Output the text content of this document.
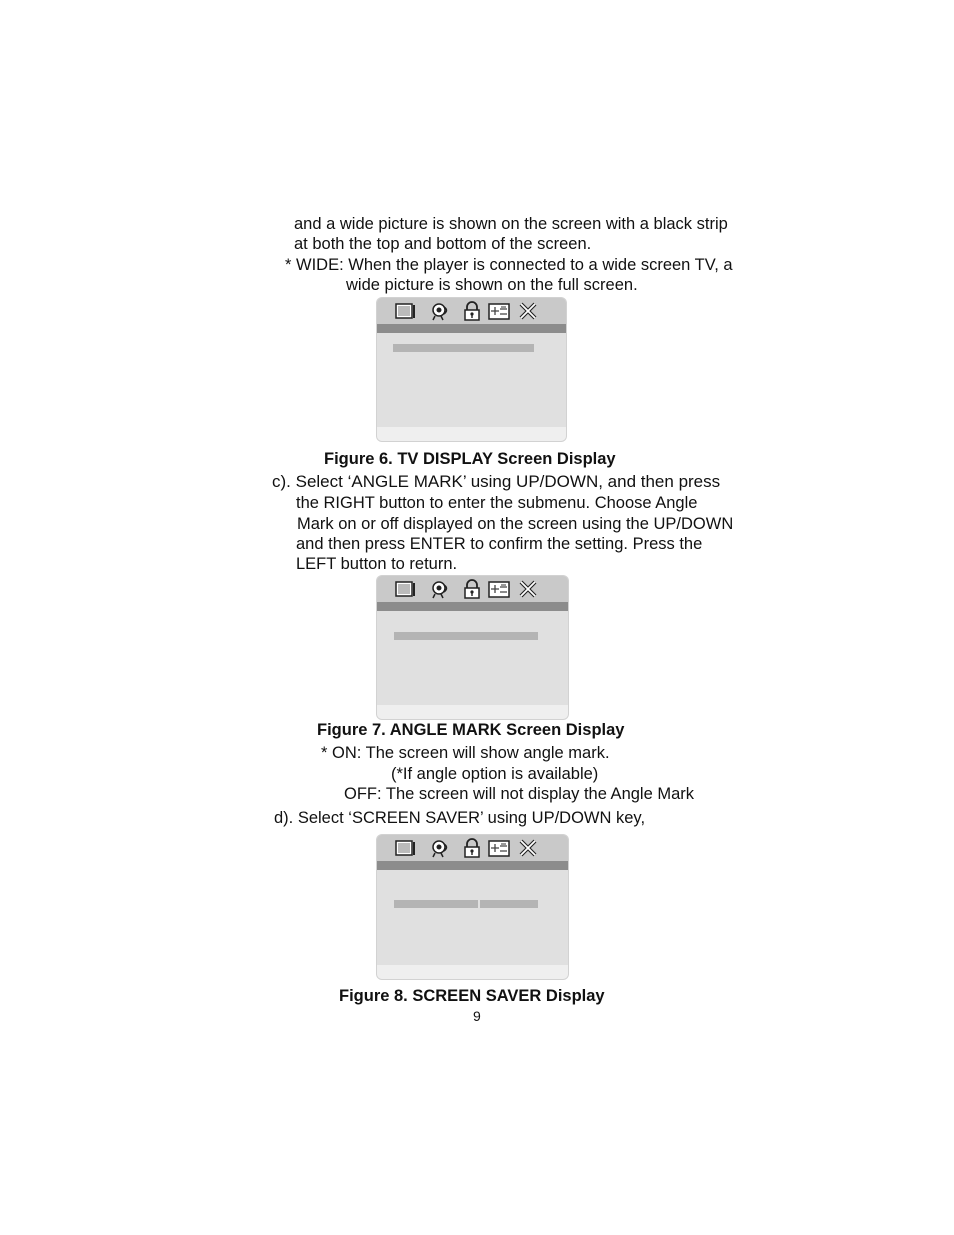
and a wide picture is shown on the screen with a black strip
at both the top and bottom of the screen.
* WIDE: When the player is connected to a wide screen TV, a
wide picture is shown on the full screen.
Figure 6. TV DISPLAY Screen Display
c). Select ‘ANGLE MARK’ using UP/DOWN, and then press
the RIGHT button to enter the submenu. Choose Angle
Mark on or off displayed on the screen using the UP/DOWN
and then press ENTER to confirm the setting. Press the
LEFT button to return.
Figure 7. ANGLE MARK Screen Display
* ON: The screen will show angle mark.
(*If angle option is available)
OFF: The screen will not display the Angle Mark
d). Select ‘SCREEN SAVER’ using UP/DOWN key,
Figure 8. SCREEN SAVER Display
9
